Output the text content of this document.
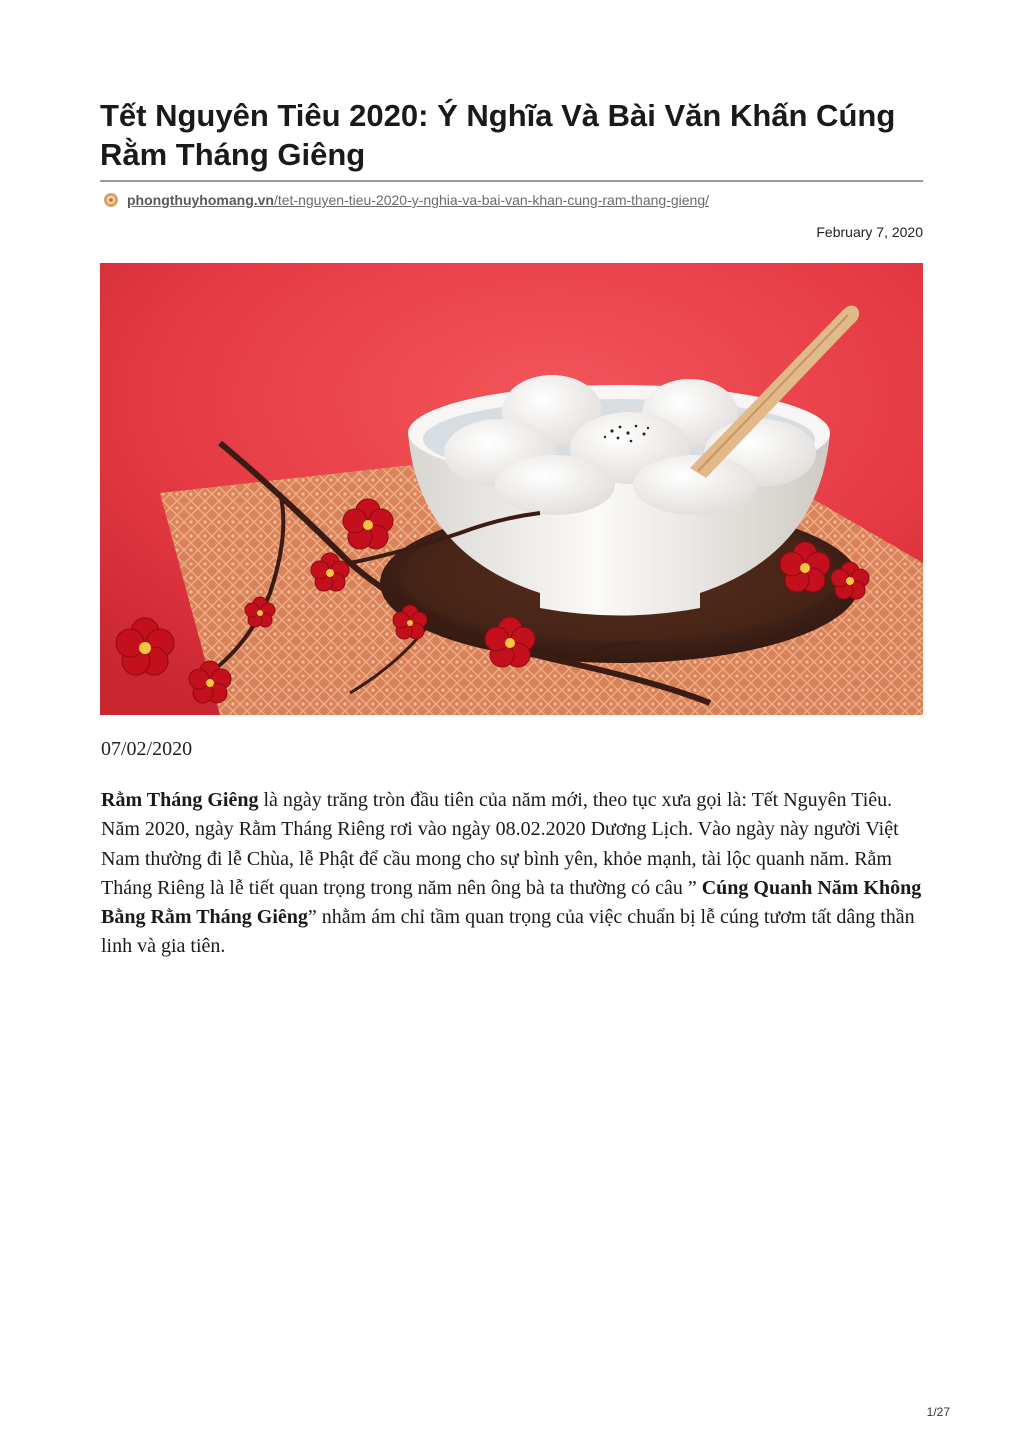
Tết Nguyên Tiêu 2020: Ý Nghĩa Và Bài Văn Khấn Cúng Rằm Tháng Giêng
phongthuyhomang.vn/tet-nguyen-tieu-2020-y-nghia-va-bai-van-khan-cung-ram-thang-gieng/
February 7, 2020
07/02/2020

Rằm Tháng Giêng là ngày trăng tròn đầu tiên của năm mới, theo tục xưa gọi là: Tết Nguyên Tiêu. Năm 2020, ngày Rằm Tháng Riêng rơi vào ngày 08.02.2020 Dương Lịch. Vào ngày này người Việt Nam thường đi lễ Chùa, lễ Phật để cầu mong cho sự bình yên, khỏe mạnh, tài lộc quanh năm. Rằm Tháng Riêng là lễ tiết quan trọng trong năm nên ông bà ta thường có câu ” Cúng Quanh Năm Không Bằng Rằm Tháng Giêng” nhằm ám chỉ tầm quan trọng của việc chuẩn bị lễ cúng tươm tất dâng thần linh và gia tiên.

1/27
